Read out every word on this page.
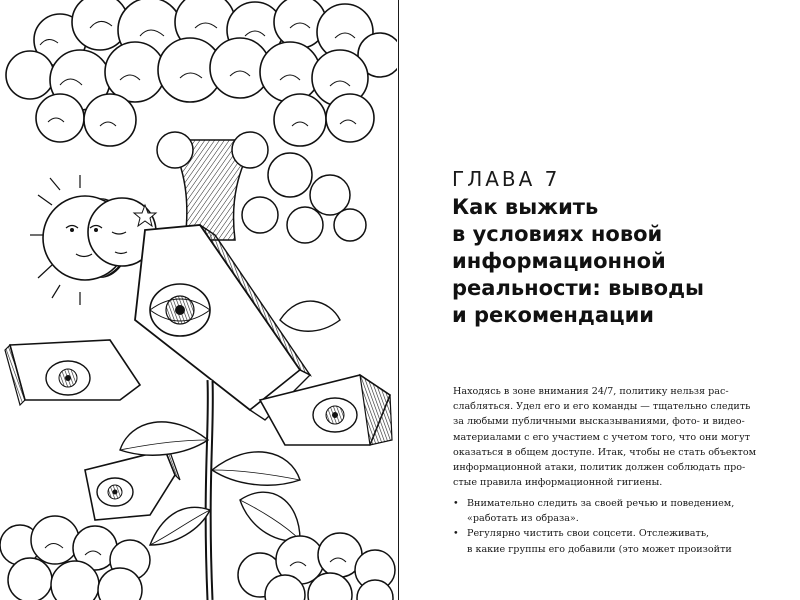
ГЛАВА 7
Как выжить
в условиях новой
информационной
реальности: выводы
и рекомендации
Находясь в зоне внимания 24/7, политику нельзя рас-
слабляться. Удел его и его команды — тщательно следить
за любыми публичными высказываниями, фото- и видео-
материалами с его участием с учетом того, что они могут
оказаться в общем доступе. Итак, чтобы не стать объектом
информационной атаки, политик должен соблюдать про-
стые правила информационной гигиены.
• Внимательно следить за своей речью и поведением,
«работать из образа».
• Регулярно чистить свои соцсети. Отслеживать,
в какие группы его добавили (это может произойти
